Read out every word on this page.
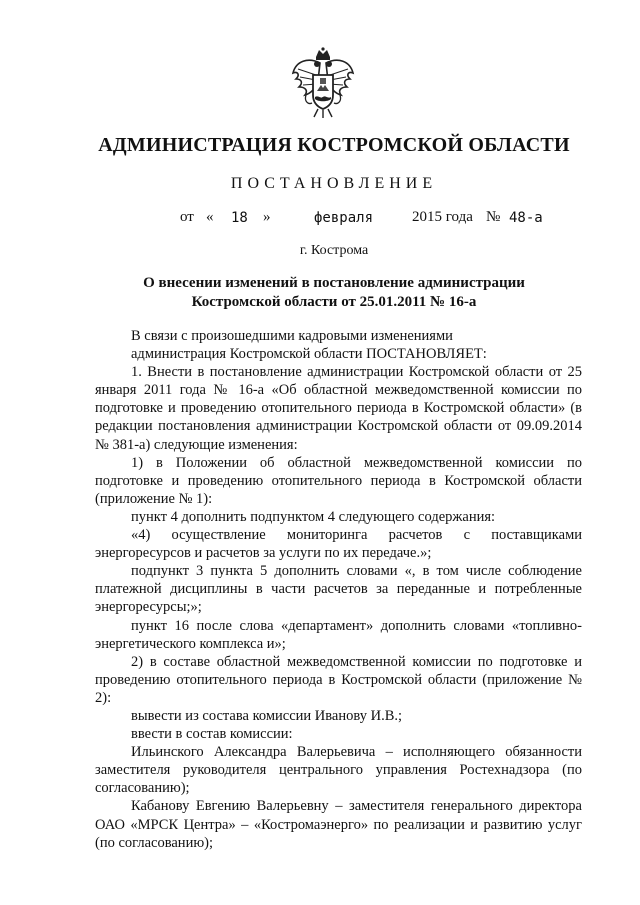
АДМИНИСТРАЦИЯ КОСТРОМСКОЙ ОБЛАСТИ
ПОСТАНОВЛЕНИЕ
от « 18 »	февраля	2015 года № 48-а
г. Кострома
О внесении изменений в постановление администрации
Костромской области от 25.01.2011 № 16-а

В связи с произошедшими кадровыми изменениями

администрация Костромской области ПОСТАНОВЛЯЕТ:

1. Внести в постановление администрации Костромской области от 25 января 2011 года № 16-а «Об областной межведомственной комиссии по подготовке и проведению отопительного периода в Костромской области» (в редакции постановления администрации Костромской области от 09.09.2014 № 381-а) следующие изменения:

1) в Положении об областной межведомственной комиссии по подготовке и проведению отопительного периода в Костромской области (приложение № 1):

пункт 4 дополнить подпунктом 4 следующего содержания:

«4) осуществление мониторинга расчетов с поставщиками энергоресурсов и расчетов за услуги по их передаче.»;

подпункт 3 пункта 5 дополнить словами «, в том числе соблюдение платежной дисциплины в части расчетов за переданные и потребленные энергоресурсы;»;

пункт 16 после слова «департамент» дополнить словами «топливно-энергетического комплекса и»;

2) в составе областной межведомственной комиссии по подготовке и проведению отопительного периода в Костромской области (приложение № 2):

вывести из состава комиссии Иванову И.В.;

ввести в состав комиссии:

Ильинского Александра Валерьевича – исполняющего обязанности заместителя руководителя центрального управления Ростехнадзора (по согласованию);

Кабанову Евгению Валерьевну – заместителя генерального директора ОАО «МРСК Центра» – «Костромаэнерго» по реализации и развитию услуг (по согласованию);
